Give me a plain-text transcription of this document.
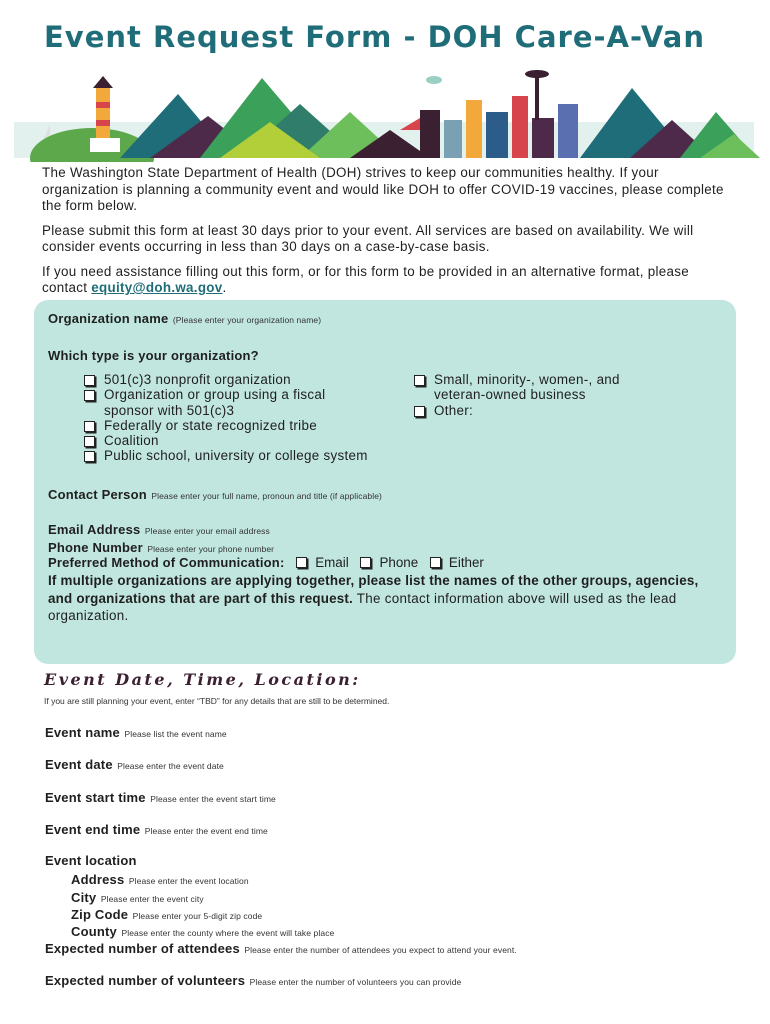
Event Request Form - DOH Care-A-Van

The Washington State Department of Health (DOH) strives to keep our communities healthy. If your organization is planning a community event and would like DOH to offer COVID-19 vaccines, please complete the form below.

Please submit this form at least 30 days prior to your event. All services are based on availability. We will consider events occurring in less than 30 days on a case-by-case basis.

If you need assistance filling out this form, or for this form to be provided in an alternative format, please contact equity@doh.wa.gov.

Organization name (Please enter your organization name)
Which type is your organization?
501(c)3 nonprofit organization
Organization or group using a fiscal sponsor with 501(c)3
Federally or state recognized tribe
Coalition
Public school, university or college system
Small, minority-, women-, and veteran-owned business
Other:
Contact Person Please enter your full name, pronoun and title (if applicable)
Email Address Please enter your email address
Phone Number Please enter your phone number
Preferred Method of Communication: Email Phone Either
If multiple organizations are applying together, please list the names of the other groups, agencies, and organizations that are part of this request. The contact information above will used as the lead organization.
Event Date, Time, Location:
If you are still planning your event, enter “TBD” for any details that are still to be determined.
Event name Please list the event name
Event date Please enter the event date
Event start time Please enter the event start time
Event end time Please enter the event end time
Event location
Address Please enter the event location
City Please enter the event city
Zip Code Please enter your 5-digit zip code
County Please enter the county where the event will take place
Expected number of attendees Please enter the number of attendees you expect to attend your event.
Expected number of volunteers Please enter the number of volunteers you can provide
